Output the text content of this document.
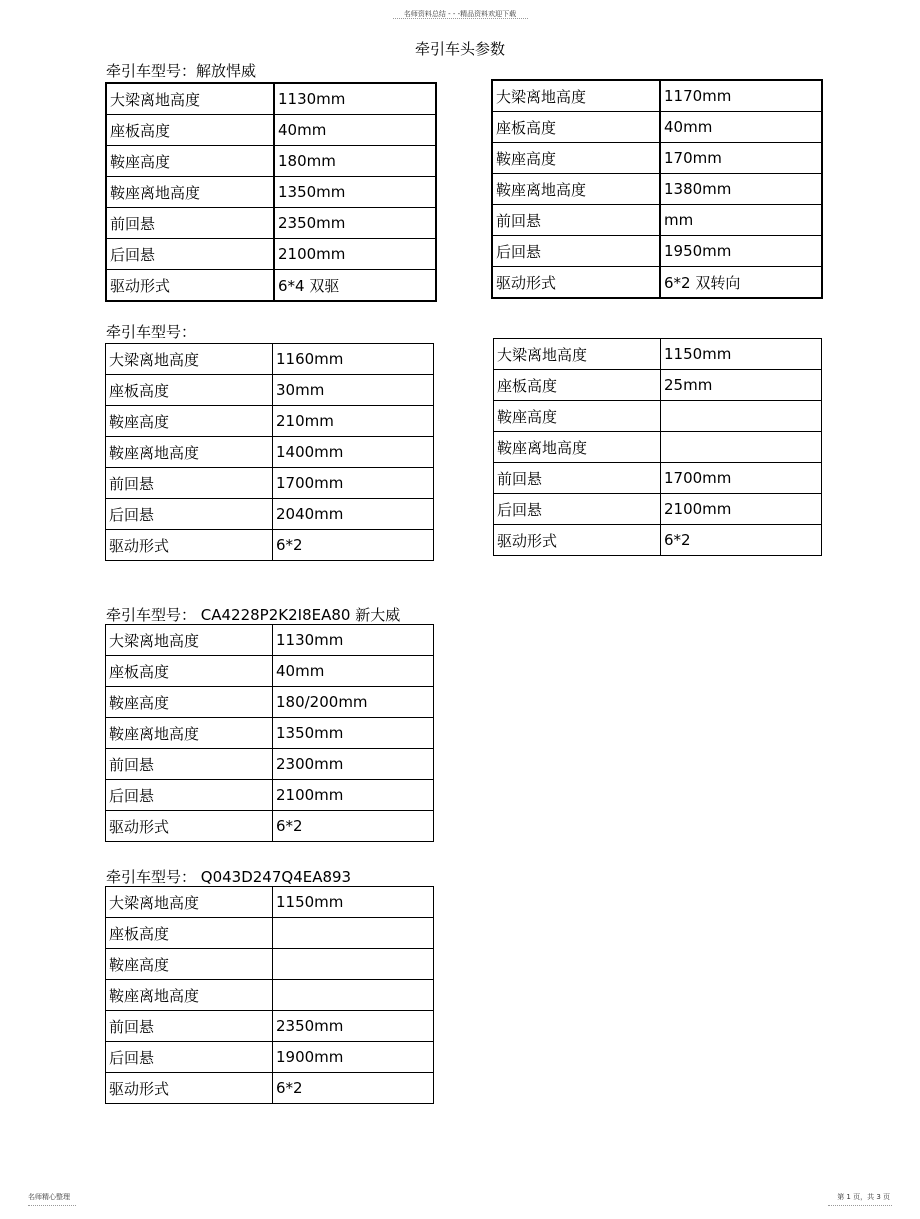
名师资料总结 - - -精品资料欢迎下载
牵引车头参数
牵引车型号：解放悍威
大梁离地高度	1130mm
座板高度	40mm
鞍座高度	180mm
鞍座离地高度	1350mm
前回悬	2350mm
后回悬	2100mm
驱动形式	6*4 双驱
大梁离地高度	1170mm
座板高度	40mm
鞍座高度	170mm
鞍座离地高度	1380mm
前回悬	mm
后回悬	1950mm
驱动形式	6*2 双转向
牵引车型号：
大梁离地高度	1160mm
座板高度	30mm
鞍座高度	210mm
鞍座离地高度	1400mm
前回悬	1700mm
后回悬	2040mm
驱动形式	6*2
大梁离地高度	1150mm
座板高度	25mm
鞍座高度	
鞍座离地高度	
前回悬	1700mm
后回悬	2100mm
驱动形式	6*2
牵引车型号： CA4228P2K2I8EA80 新大威
大梁离地高度	1130mm
座板高度	40mm
鞍座高度	180/200mm
鞍座离地高度	1350mm
前回悬	2300mm
后回悬	2100mm
驱动形式	6*2
牵引车型号： Q043D247Q4EA893
大梁离地高度	1150mm
座板高度	
鞍座高度	
鞍座离地高度	
前回悬	2350mm
后回悬	1900mm
驱动形式	6*2
名师精心整理	第 1 页，共 3 页
